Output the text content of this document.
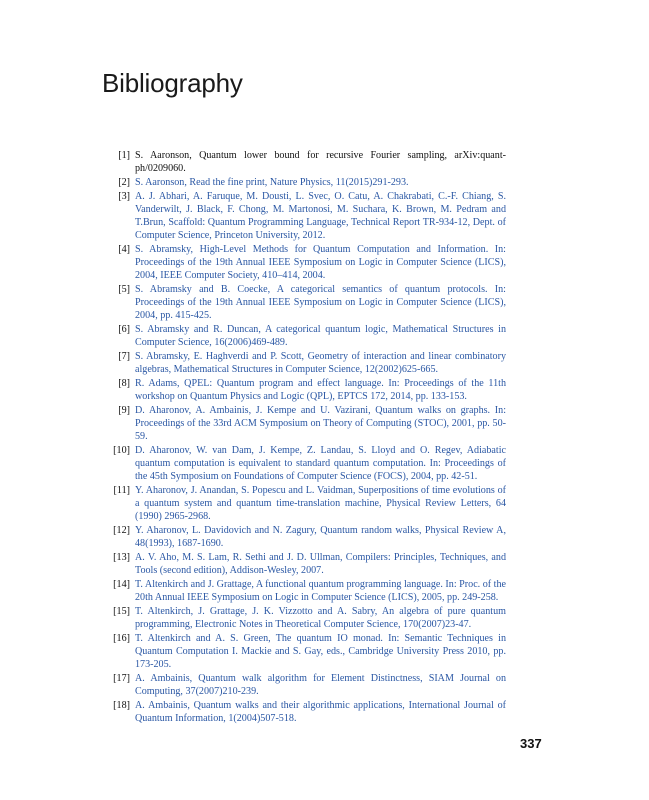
Bibliography
[1] S. Aaronson, Quantum lower bound for recursive Fourier sampling, arXiv:quant-ph/0209060.
[2] S. Aaronson, Read the fine print, Nature Physics, 11(2015)291-293.
[3] A. J. Abhari, A. Faruque, M. Dousti, L. Svec, O. Catu, A. Chakrabati, C.-F. Chiang, S. Vanderwilt, J. Black, F. Chong, M. Martonosi, M. Suchara, K. Brown, M. Pedram and T.Brun, Scaffold: Quantum Programming Language, Technical Report TR-934-12, Dept. of Computer Science, Princeton University, 2012.
[4] S. Abramsky, High-Level Methods for Quantum Computation and Information. In: Proceedings of the 19th Annual IEEE Symposium on Logic in Computer Science (LICS), 2004, IEEE Computer Society, 410–414, 2004.
[5] S. Abramsky and B. Coecke, A categorical semantics of quantum protocols. In: Proceedings of the 19th Annual IEEE Symposium on Logic in Computer Science (LICS), 2004, pp. 415-425.
[6] S. Abramsky and R. Duncan, A categorical quantum logic, Mathematical Structures in Computer Science, 16(2006)469-489.
[7] S. Abramsky, E. Haghverdi and P. Scott, Geometry of interaction and linear combinatory algebras, Mathematical Structures in Computer Science, 12(2002)625-665.
[8] R. Adams, QPEL: Quantum program and effect language. In: Proceedings of the 11th workshop on Quantum Physics and Logic (QPL), EPTCS 172, 2014, pp. 133-153.
[9] D. Aharonov, A. Ambainis, J. Kempe and U. Vazirani, Quantum walks on graphs. In: Proceedings of the 33rd ACM Symposium on Theory of Computing (STOC), 2001, pp. 50-59.
[10] D. Aharonov, W. van Dam, J. Kempe, Z. Landau, S. Lloyd and O. Regev, Adiabatic quantum computation is equivalent to standard quantum computation. In: Proceedings of the 45th Symposium on Foundations of Computer Science (FOCS), 2004, pp. 42-51.
[11] Y. Aharonov, J. Anandan, S. Popescu and L. Vaidman, Superpositions of time evolutions of a quantum system and quantum time-translation machine, Physical Review Letters, 64 (1990) 2965-2968.
[12] Y. Aharonov, L. Davidovich and N. Zagury, Quantum random walks, Physical Review A, 48(1993), 1687-1690.
[13] A. V. Aho, M. S. Lam, R. Sethi and J. D. Ullman, Compilers: Principles, Techniques, and Tools (second edition), Addison-Wesley, 2007.
[14] T. Altenkirch and J. Grattage, A functional quantum programming language. In: Proc. of the 20th Annual IEEE Symposium on Logic in Computer Science (LICS), 2005, pp. 249-258.
[15] T. Altenkirch, J. Grattage, J. K. Vizzotto and A. Sabry, An algebra of pure quantum programming, Electronic Notes in Theoretical Computer Science, 170(2007)23-47.
[16] T. Altenkirch and A. S. Green, The quantum IO monad. In: Semantic Techniques in Quantum Computation I. Mackie and S. Gay, eds., Cambridge University Press 2010, pp. 173-205.
[17] A. Ambainis, Quantum walk algorithm for Element Distinctness, SIAM Journal on Computing, 37(2007)210-239.
[18] A. Ambainis, Quantum walks and their algorithmic applications, International Journal of Quantum Information, 1(2004)507-518.
337
